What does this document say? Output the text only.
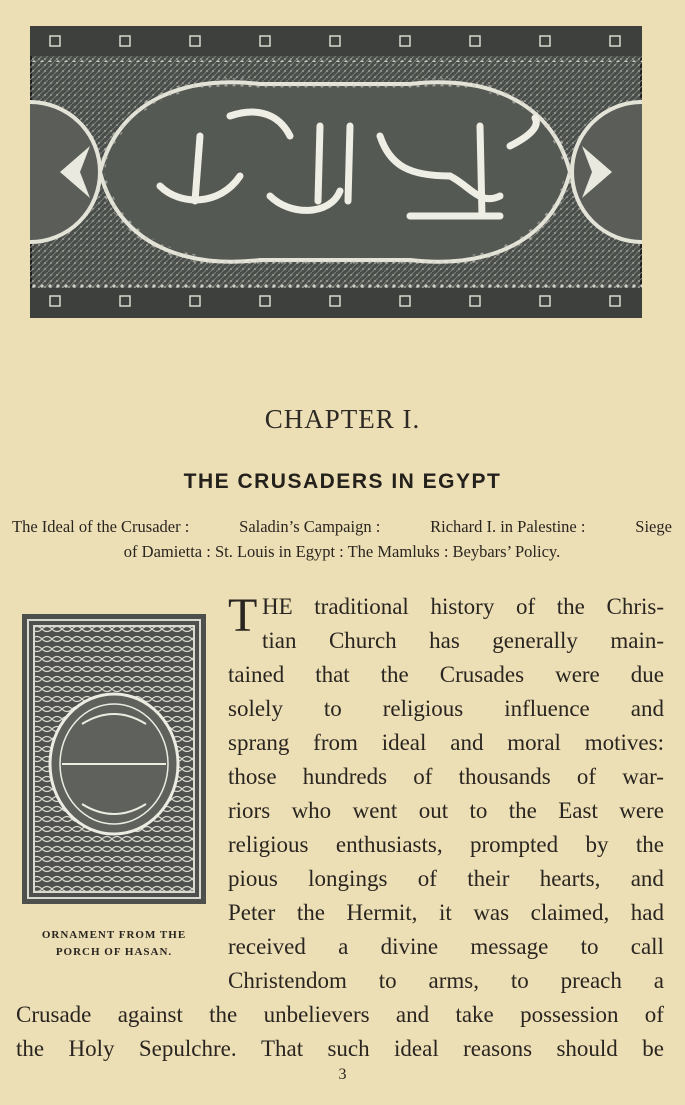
CHAPTER I.
THE CRUSADERS IN EGYPT
The Ideal of the Crusader :	Saladin’s Campaign :	Richard I. in Palestine :	Siege
of Damietta : St. Louis in Egypt : The Mamluks : Beybars’ Policy.
ORNAMENT FROM THE
PORCH OF HASAN.
T HE traditional history of the Chris-
tian Church has generally main-
tained that the Crusades were due
solely to religious influence and
sprang from ideal and moral motives:
those hundreds of thousands of war-
riors who went out to the East were
religious enthusiasts, prompted by the
pious longings of their hearts, and
Peter the Hermit, it was claimed, had
received a divine message to call
Christendom to arms, to preach a
Crusade against the unbelievers and take possession of
the Holy Sepulchre. That such ideal reasons should be
3
